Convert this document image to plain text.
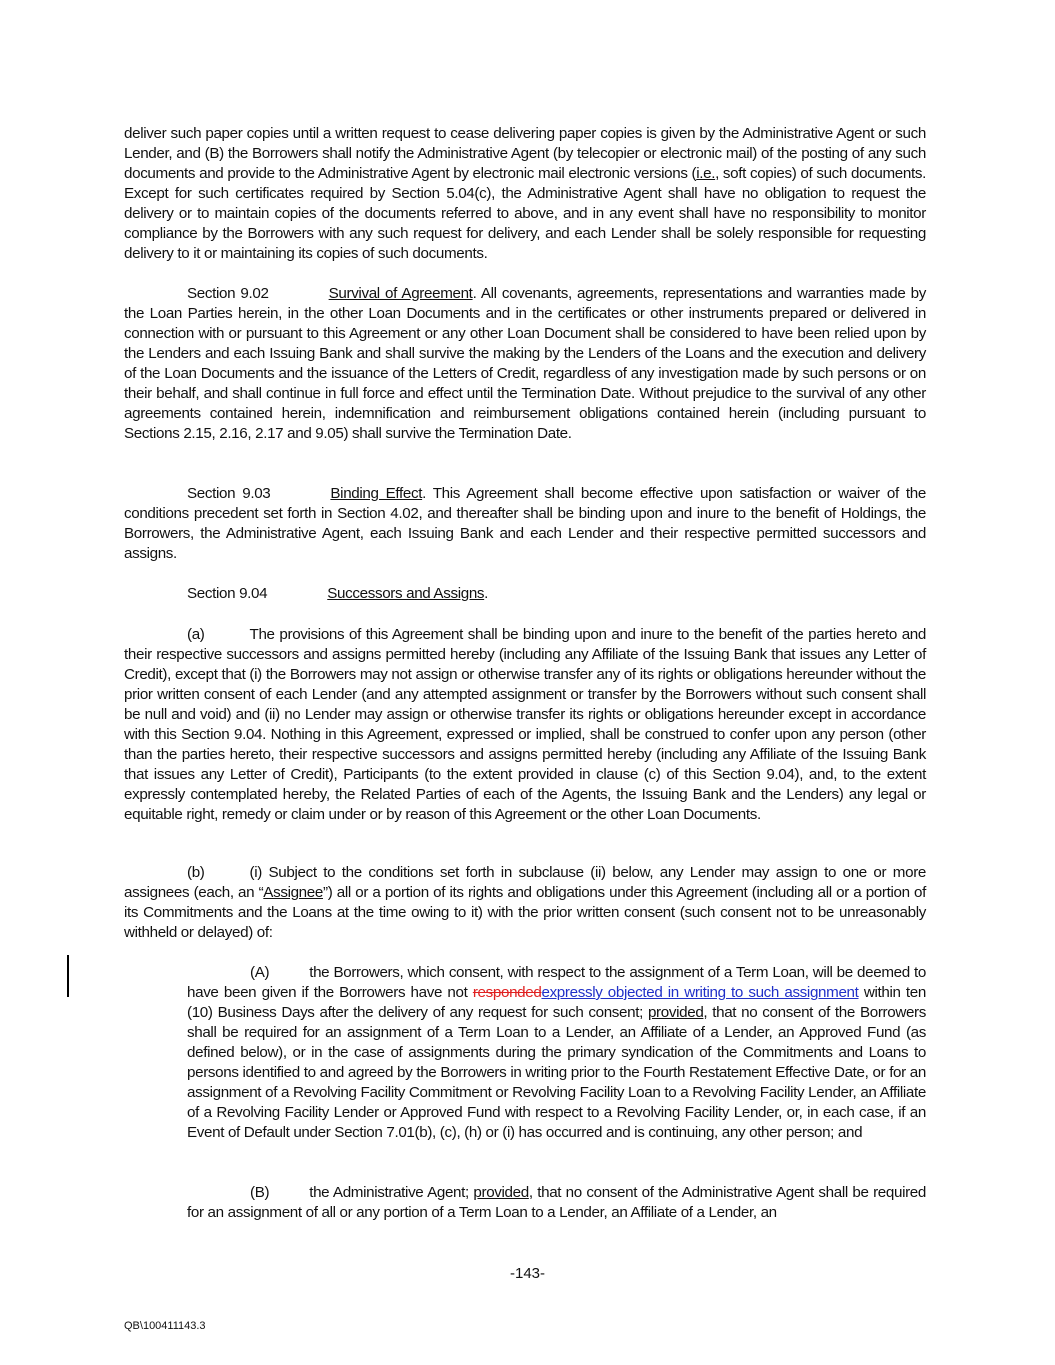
deliver such paper copies until a written request to cease delivering paper copies is given by the Administrative Agent or such Lender, and (B) the Borrowers shall notify the Administrative Agent (by telecopier or electronic mail) of the posting of any such documents and provide to the Administrative Agent by electronic mail electronic versions (i.e., soft copies) of such documents. Except for such certificates required by Section 5.04(c), the Administrative Agent shall have no obligation to request the delivery or to maintain copies of the documents referred to above, and in any event shall have no responsibility to monitor compliance by the Borrowers with any such request for delivery, and each Lender shall be solely responsible for requesting delivery to it or maintaining its copies of such documents.
Section 9.02	Survival of Agreement. All covenants, agreements, representations and warranties made by the Loan Parties herein, in the other Loan Documents and in the certificates or other instruments prepared or delivered in connection with or pursuant to this Agreement or any other Loan Document shall be considered to have been relied upon by the Lenders and each Issuing Bank and shall survive the making by the Lenders of the Loans and the execution and delivery of the Loan Documents and the issuance of the Letters of Credit, regardless of any investigation made by such persons or on their behalf, and shall continue in full force and effect until the Termination Date. Without prejudice to the survival of any other agreements contained herein, indemnification and reimbursement obligations contained herein (including pursuant to Sections 2.15, 2.16, 2.17 and 9.05) shall survive the Termination Date.
Section 9.03	Binding Effect. This Agreement shall become effective upon satisfaction or waiver of the conditions precedent set forth in Section 4.02, and thereafter shall be binding upon and inure to the benefit of Holdings, the Borrowers, the Administrative Agent, each Issuing Bank and each Lender and their respective permitted successors and assigns.
Section 9.04	Successors and Assigns.
(a)	The provisions of this Agreement shall be binding upon and inure to the benefit of the parties hereto and their respective successors and assigns permitted hereby (including any Affiliate of the Issuing Bank that issues any Letter of Credit), except that (i) the Borrowers may not assign or otherwise transfer any of its rights or obligations hereunder without the prior written consent of each Lender (and any attempted assignment or transfer by the Borrowers without such consent shall be null and void) and (ii) no Lender may assign or otherwise transfer its rights or obligations hereunder except in accordance with this Section 9.04. Nothing in this Agreement, expressed or implied, shall be construed to confer upon any person (other than the parties hereto, their respective successors and assigns permitted hereby (including any Affiliate of the Issuing Bank that issues any Letter of Credit), Participants (to the extent provided in clause (c) of this Section 9.04), and, to the extent expressly contemplated hereby, the Related Parties of each of the Agents, the Issuing Bank and the Lenders) any legal or equitable right, remedy or claim under or by reason of this Agreement or the other Loan Documents.
(b)	(i) Subject to the conditions set forth in subclause (ii) below, any Lender may assign to one or more assignees (each, an “Assignee”) all or a portion of its rights and obligations under this Agreement (including all or a portion of its Commitments and the Loans at the time owing to it) with the prior written consent (such consent not to be unreasonably withheld or delayed) of:
(A)	the Borrowers, which consent, with respect to the assignment of a Term Loan, will be deemed to have been given if the Borrowers have not respondedexpressly objected in writing to such assignment within ten (10) Business Days after the delivery of any request for such consent; provided, that no consent of the Borrowers shall be required for an assignment of a Term Loan to a Lender, an Affiliate of a Lender, an Approved Fund (as defined below), or in the case of assignments during the primary syndication of the Commitments and Loans to persons identified to and agreed by the Borrowers in writing prior to the Fourth Restatement Effective Date, or for an assignment of a Revolving Facility Commitment or Revolving Facility Loan to a Revolving Facility Lender, an Affiliate of a Revolving Facility Lender or Approved Fund with respect to a Revolving Facility Lender, or, in each case, if an Event of Default under Section 7.01(b), (c), (h) or (i) has occurred and is continuing, any other person; and
(B)	the Administrative Agent; provided, that no consent of the Administrative Agent shall be required for an assignment of all or any portion of a Term Loan to a Lender, an Affiliate of a Lender, an
-143-
QB\100411143.3
